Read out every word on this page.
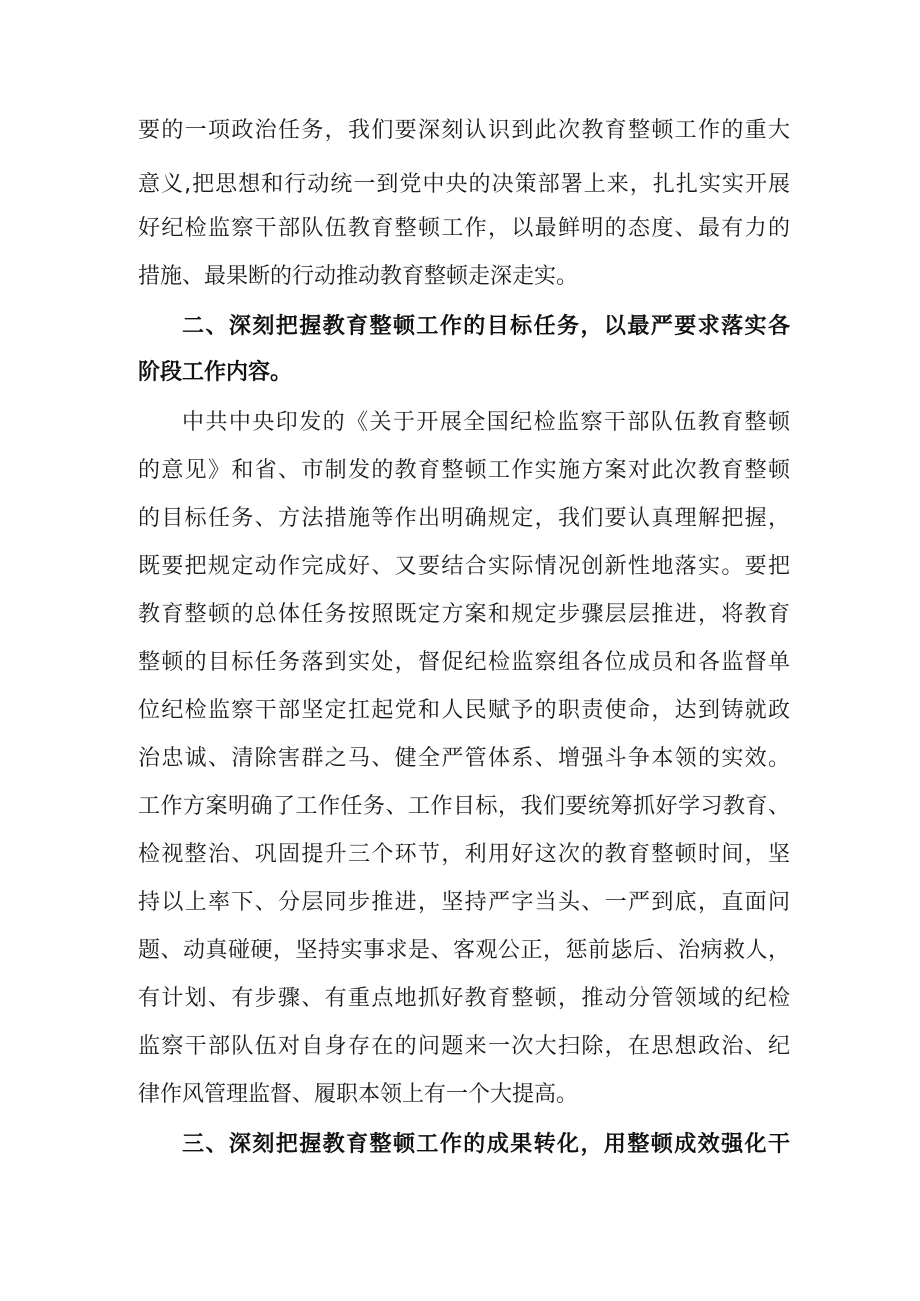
要的一项政治任务，我们要深刻认识到此次教育整顿工作的重大
意义,把思想和行动统一到党中央的决策部署上来，扎扎实实开展
好纪检监察干部队伍教育整顿工作，以最鲜明的态度、最有力的
措施、最果断的行动推动教育整顿走深走实。
二、深刻把握教育整顿工作的目标任务，以最严要求落实各
阶段工作内容。
中共中央印发的《关于开展全国纪检监察干部队伍教育整顿
的意见》和省、市制发的教育整顿工作实施方案对此次教育整顿
的目标任务、方法措施等作出明确规定，我们要认真理解把握，
既要把规定动作完成好、又要结合实际情况创新性地落实。要把
教育整顿的总体任务按照既定方案和规定步骤层层推进，将教育
整顿的目标任务落到实处，督促纪检监察组各位成员和各监督单
位纪检监察干部坚定扛起党和人民赋予的职责使命，达到铸就政
治忠诚、清除害群之马、健全严管体系、增强斗争本领的实效。
工作方案明确了工作任务、工作目标，我们要统筹抓好学习教育、
检视整治、巩固提升三个环节，利用好这次的教育整顿时间，坚
持以上率下、分层同步推进，坚持严字当头、一严到底，直面问
题、动真碰硬，坚持实事求是、客观公正，惩前毖后、治病救人，
有计划、有步骤、有重点地抓好教育整顿，推动分管领域的纪检
监察干部队伍对自身存在的问题来一次大扫除，在思想政治、纪
律作风管理监督、履职本领上有一个大提高。
三、深刻把握教育整顿工作的成果转化，用整顿成效强化干
